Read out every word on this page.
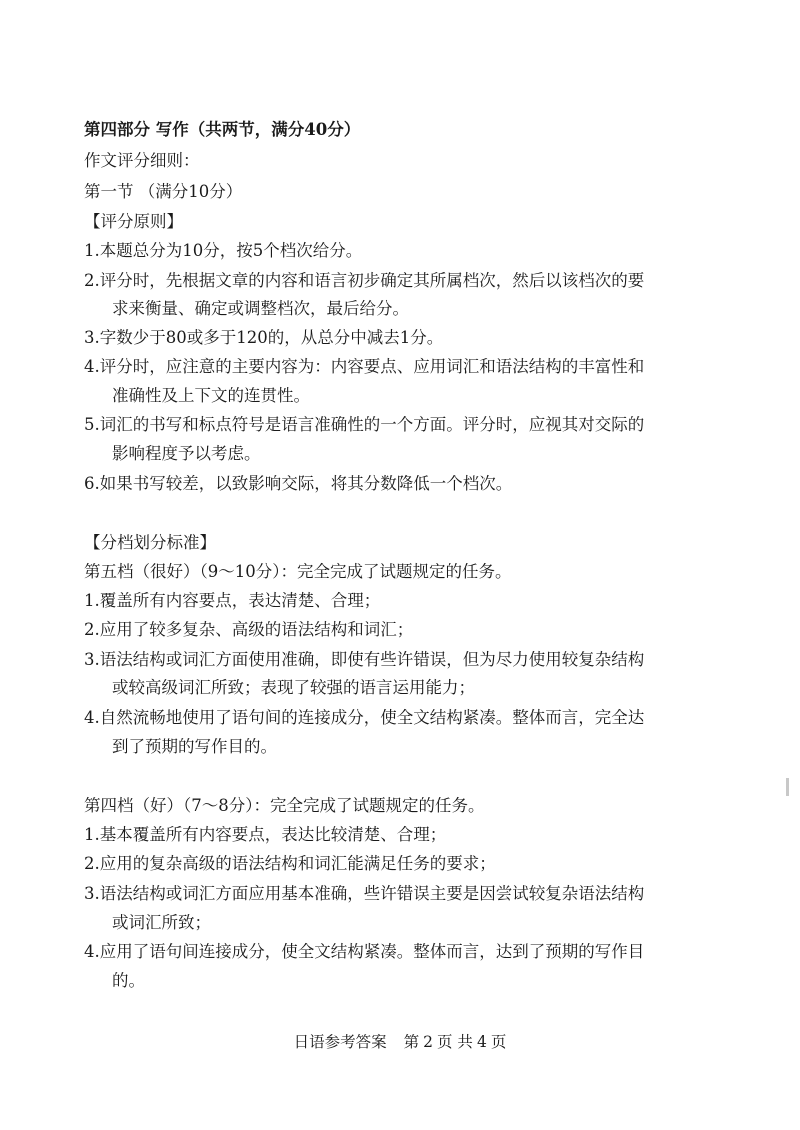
第四部分 写作（共两节，满分40分）
作文评分细则：
第一节 （满分10分）
【评分原则】
1.本题总分为10分，按5个档次给分。
2.评分时，先根据文章的内容和语言初步确定其所属档次，然后以该档次的要
求来衡量、确定或调整档次，最后给分。
3.字数少于80或多于120的，从总分中减去1分。
4.评分时，应注意的主要内容为：内容要点、应用词汇和语法结构的丰富性和
准确性及上下文的连贯性。
5.词汇的书写和标点符号是语言准确性的一个方面。评分时，应视其对交际的
影响程度予以考虑。
6.如果书写较差，以致影响交际，将其分数降低一个档次。
【分档划分标准】
第五档（很好）（9～10分）：完全完成了试题规定的任务。
1.覆盖所有内容要点，表达清楚、合理；
2.应用了较多复杂、高级的语法结构和词汇；
3.语法结构或词汇方面使用准确，即使有些许错误，但为尽力使用较复杂结构
或较高级词汇所致；表现了较强的语言运用能力；
4.自然流畅地使用了语句间的连接成分，使全文结构紧凑。整体而言，完全达
到了预期的写作目的。
第四档（好）（7～8分）：完全完成了试题规定的任务。
1.基本覆盖所有内容要点，表达比较清楚、合理；
2.应用的复杂高级的语法结构和词汇能满足任务的要求；
3.语法结构或词汇方面应用基本准确，些许错误主要是因尝试较复杂语法结构
或词汇所致；
4.应用了语句间连接成分，使全文结构紧凑。整体而言，达到了预期的写作目
的。
日语参考答案 第 2 页 共 4 页
